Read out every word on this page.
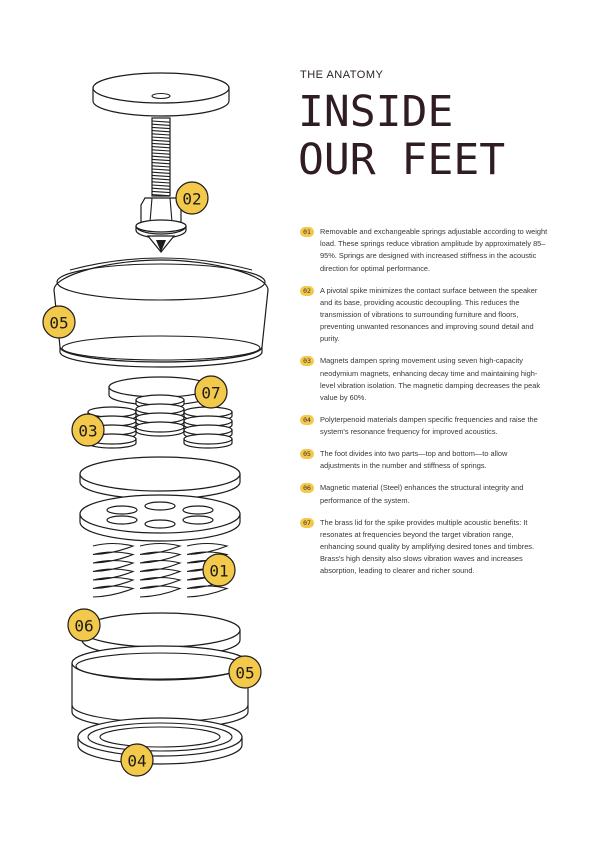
02
05
07
03
01
06
05
04
THE ANATOMY
INSIDE
OUR FEET
01	Removable and exchangeable springs adjustable according to weight load. These springs reduce vibration amplitude by approximately 85–95%. Springs are designed with increased stiffness in the acoustic direction for optimal performance.
02	A pivotal spike minimizes the contact surface between the speaker and its base, providing acoustic decoupling. This reduces the transmission of vibrations to surrounding furniture and floors, preventing unwanted resonances and improving sound detail and purity.
03	Magnets dampen spring movement using seven high-capacity neodymium magnets, enhancing decay time and maintaining high-level vibration isolation. The magnetic damping decreases the peak value by 60%.
04	Polyterpenoid materials dampen specific frequencies and raise the system's resonance frequency for improved acoustics.
05	The foot divides into two parts—top and bottom—to allow adjustments in the number and stiffness of springs.
06	Magnetic material (Steel) enhances the structural integrity and performance of the system.
07	The brass lid for the spike provides multiple acoustic benefits: It resonates at frequencies beyond the target vibration range, enhancing sound quality by amplifying desired tones and timbres. Brass's high density also slows vibration waves and increases absorption, leading to clearer and richer sound.
